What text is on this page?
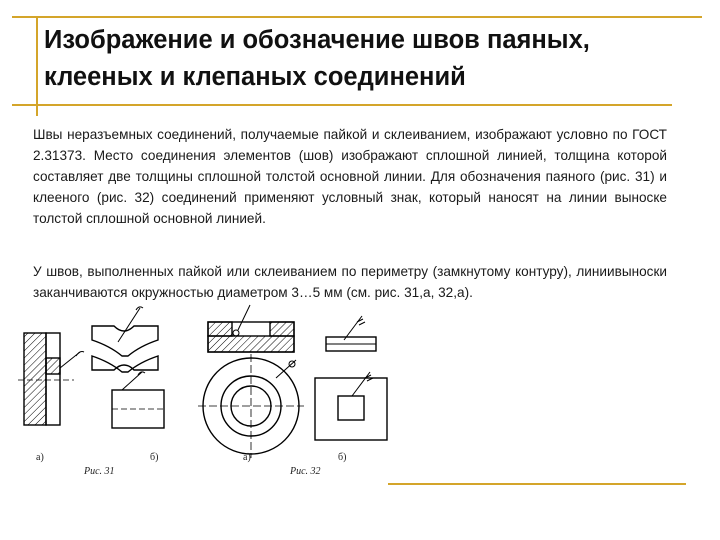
Изображение и обозначение швов паяных,
клееных и клепаных соединений
Швы неразъемных соединений, получаемые пайкой и склеиванием, изображают условно по ГОСТ 2.31373. Место соединения элементов (шов) изображают сплошной линией, толщина которой составляет две толщины сплошной толстой основной линии. Для обозначения паяного (рис. 31) и клееного (рис. 32) соединений применяют условный знак, который наносят на линии выноске толстой сплошной основной линией.
У швов, выполненных пайкой или склеиванием по периметру (замкнутому контуру), линиивыноски заканчиваются окружностью диаметром 3…5 мм (см. рис. 31,а, 32,а).
а)	б)
Рис. 31
а)	б)
Рис. 32
